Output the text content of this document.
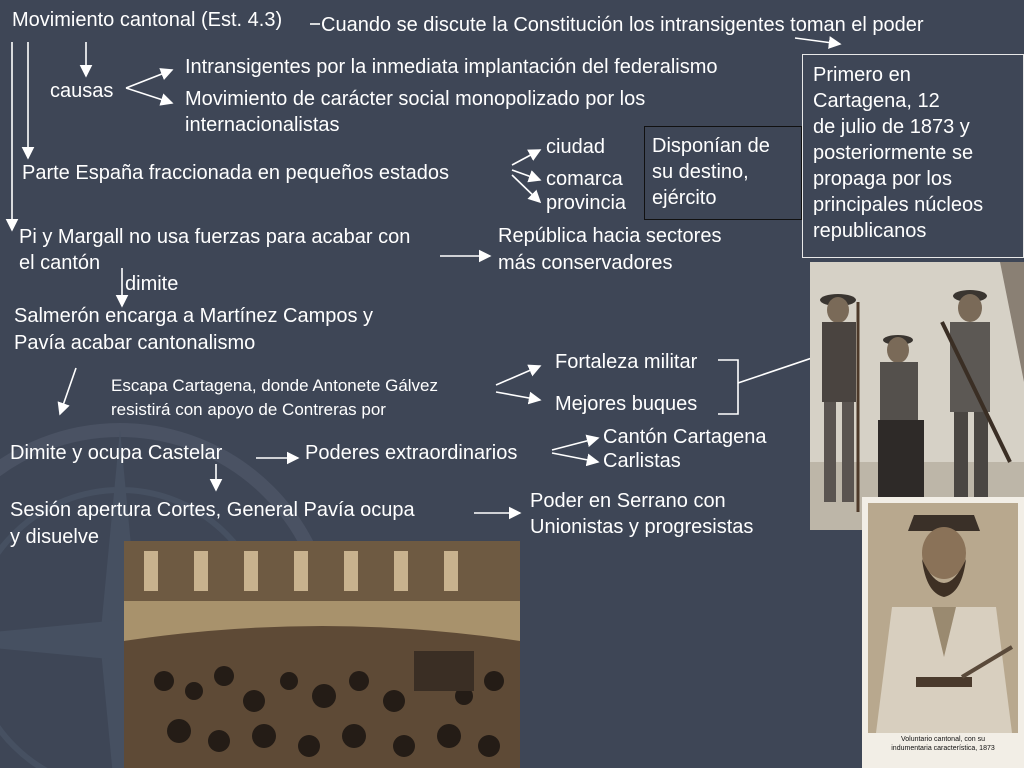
Movimiento cantonal (Est. 4.3) Cuando se discute la Constitución los intransigentes toman el poder
causas
Intransigentes por la inmediata implantación del federalismo
Movimiento de carácter social monopolizado por los
internacionalistas
Primero en
Cartagena, 12
de julio de 1873 y
posteriormente se
propaga por los
principales núcleos
republicanos
Parte España fraccionada en pequeños estados
ciudad
comarca
provincia
Disponían de
su destino,
ejército
Pi y Margall no usa fuerzas para acabar con
el cantón
República hacia sectores
más conservadores
dimite
Salmerón encarga a Martínez Campos y
Pavía acabar cantonalismo
Fortaleza militar
Mejores buques
Escapa Cartagena, donde Antonete Gálvez
resistirá con apoyo de Contreras por
Dimite y ocupa Castelar	Poderes extraordinarios
Cantón Cartagena
Carlistas
Sesión apertura Cortes, General Pavía ocupa
y disuelve
Poder en Serrano con
Unionistas y progresistas
Voluntario cantonal, con su
indumentaria característica, 1873
